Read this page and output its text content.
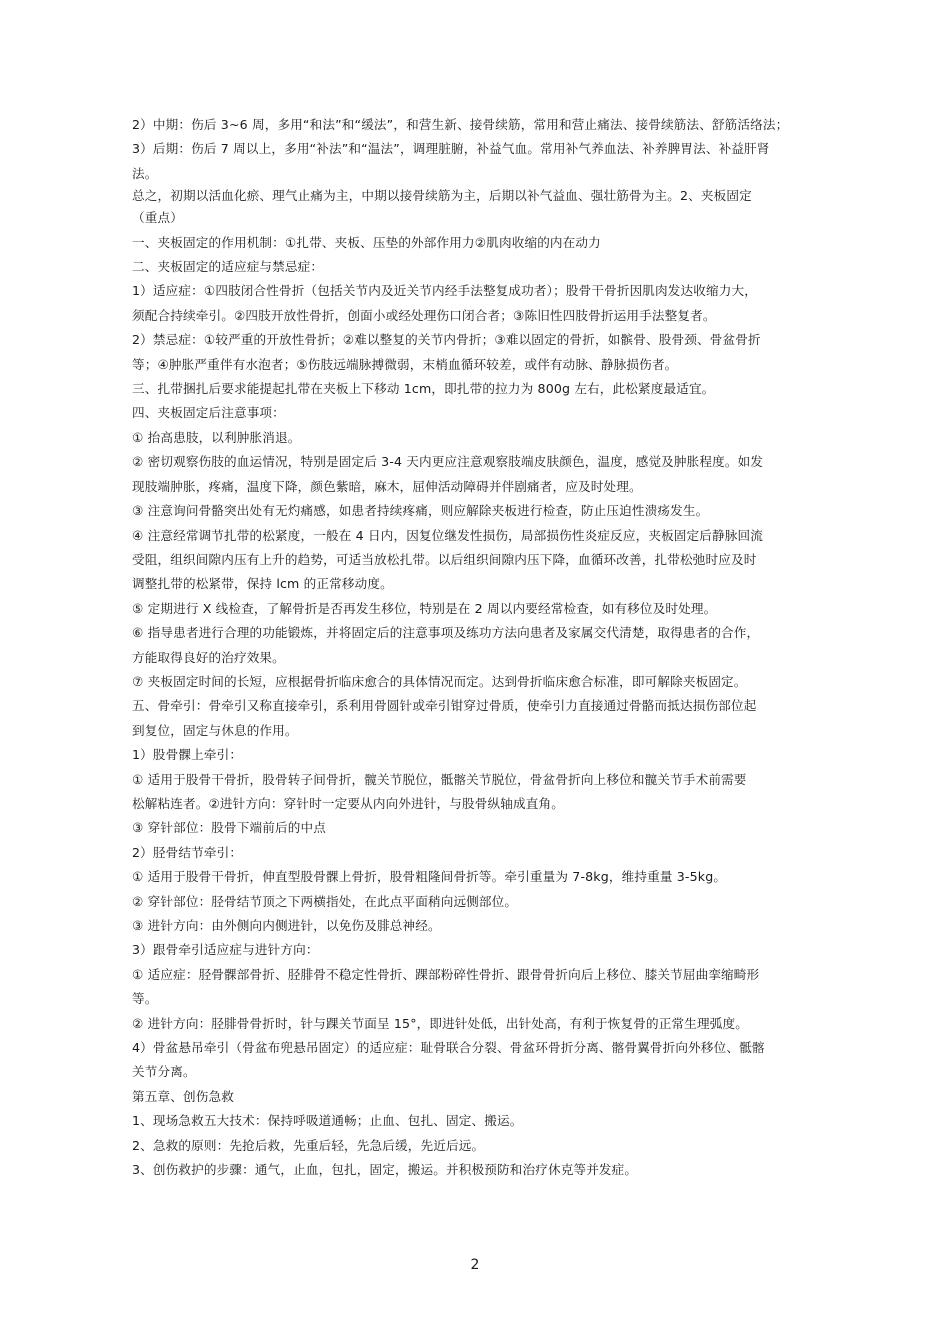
2）中期：伤后 3~6 周，多用“和法”和“缓法”，和营生新、接骨续筋，常用和营止痛法、接骨续筋法、舒筋活络法；

3）后期：伤后 7 周以上，多用“补法”和“温法”，调理脏腑，补益气血。常用补气养血法、补养脾胃法、补益肝肾

法。

总之，初期以活血化瘀、理气止痛为主，中期以接骨续筋为主，后期以补气益血、强壮筋骨为主。2、夹板固定

（重点）

一、夹板固定的作用机制：①扎带、夹板、压垫的外部作用力②肌肉收缩的内在动力

二、夹板固定的适应症与禁忌症：

1）适应症：①四肢闭合性骨折（包括关节内及近关节内经手法整复成功者）；股骨干骨折因肌肉发达收缩力大，

须配合持续牵引。②四肢开放性骨折，创面小或经处理伤口闭合者；③陈旧性四肢骨折运用手法整复者。

2）禁忌症：①较严重的开放性骨折；②难以整复的关节内骨折；③难以固定的骨折，如髌骨、股骨颈、骨盆骨折

等；④肿胀严重伴有水泡者；⑤伤肢远端脉搏微弱，末梢血循环较差，或伴有动脉、静脉损伤者。

三、扎带捆扎后要求能提起扎带在夹板上下移动 1cm，即扎带的拉力为 800g 左右，此松紧度最适宜。

四、夹板固定后注意事项：

① 抬高患肢，以利肿胀消退。

② 密切观察伤肢的血运情况，特别是固定后 3-4 天内更应注意观察肢端皮肤颜色，温度，感觉及肿胀程度。如发

现肢端肿胀，疼痛，温度下降，颜色紫暗，麻木，屈伸活动障碍并伴剧痛者，应及时处理。

③ 注意询问骨骼突出处有无灼痛感，如患者持续疼痛，则应解除夹板进行检查，防止压迫性溃疡发生。

④ 注意经常调节扎带的松紧度，一般在 4 日内，因复位继发性损伤，局部损伤性炎症反应，夹板固定后静脉回流

受阻，组织间隙内压有上升的趋势，可适当放松扎带。以后组织间隙内压下降，血循环改善，扎带松弛时应及时

调整扎带的松紧带，保持 lcm 的正常移动度。

⑤ 定期进行 X 线检查，了解骨折是否再发生移位，特别是在 2 周以内要经常检查，如有移位及时处理。

⑥ 指导患者进行合理的功能锻炼，并将固定后的注意事项及练功方法向患者及家属交代清楚，取得患者的合作，

方能取得良好的治疗效果。

⑦ 夹板固定时间的长短，应根据骨折临床愈合的具体情况而定。达到骨折临床愈合标准，即可解除夹板固定。

五、骨牵引：骨牵引又称直接牵引，系利用骨圆针或牵引钳穿过骨质，使牵引力直接通过骨骼而抵达损伤部位起

到复位，固定与休息的作用。

1）股骨髁上牵引：

① 适用于股骨干骨折，股骨转子间骨折，髋关节脱位，骶髂关节脱位，骨盆骨折向上移位和髋关节手术前需要

松解粘连者。②进针方向：穿针时一定要从内向外进针，与股骨纵轴成直角。

③ 穿针部位：股骨下端前后的中点

2）胫骨结节牵引：

① 适用于股骨干骨折，伸直型股骨髁上骨折，股骨粗隆间骨折等。牵引重量为 7-8kg，维持重量 3-5kg。

② 穿针部位：胫骨结节顶之下两横指处，在此点平面稍向远侧部位。

③ 进针方向：由外侧向内侧进针，以免伤及腓总神经。

3）跟骨牵引适应症与进针方向：

① 适应症：胫骨髁部骨折、胫腓骨不稳定性骨折、踝部粉碎性骨折、跟骨骨折向后上移位、膝关节屈曲挛缩畸形

等。

② 进针方向：胫腓骨骨折时，针与踝关节面呈 15°，即进针处低，出针处高，有利于恢复骨的正常生理弧度。

4）骨盆悬吊牵引（骨盆布兜悬吊固定）的适应症：耻骨联合分裂、骨盆环骨折分离、髂骨翼骨折向外移位、骶髂

关节分离。

第五章、创伤急救

1、现场急救五大技术：保持呼吸道通畅；止血、包扎、固定、搬运。

2、急救的原则：先抢后救，先重后轻，先急后缓，先近后远。

3、创伤救护的步骤：通气，止血，包扎，固定，搬运。并积极预防和治疗休克等并发症。

2
